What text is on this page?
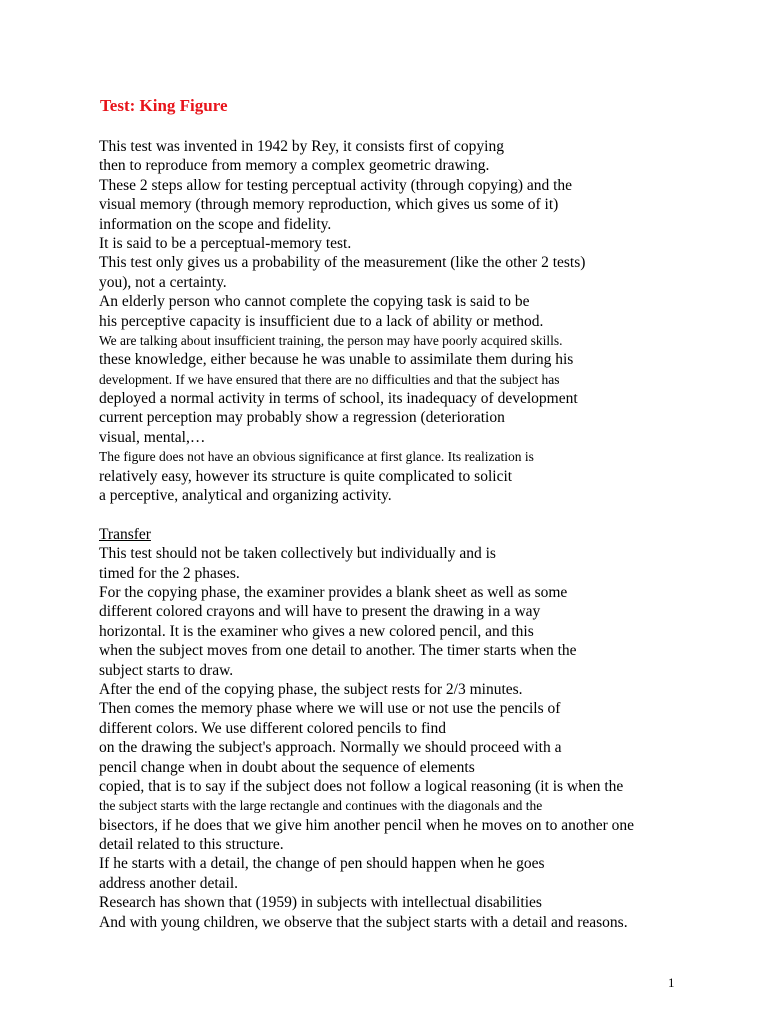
Test: King Figure
This test was invented in 1942 by Rey, it consists first of copying
then to reproduce from memory a complex geometric drawing.
These 2 steps allow for testing perceptual activity (through copying) and the
visual memory (through memory reproduction, which gives us some of it)
information on the scope and fidelity.
It is said to be a perceptual-memory test.
This test only gives us a probability of the measurement (like the other 2 tests)
you), not a certainty.
An elderly person who cannot complete the copying task is said to be
his perceptive capacity is insufficient due to a lack of ability or method.
We are talking about insufficient training, the person may have poorly acquired skills.
these knowledge, either because he was unable to assimilate them during his
development. If we have ensured that there are no difficulties and that the subject has
deployed a normal activity in terms of school, its inadequacy of development
current perception may probably show a regression (deterioration
visual, mental,…
The figure does not have an obvious significance at first glance. Its realization is
relatively easy, however its structure is quite complicated to solicit
a perceptive, analytical and organizing activity.
Transfer
This test should not be taken collectively but individually and is
timed for the 2 phases.
For the copying phase, the examiner provides a blank sheet as well as some
different colored crayons and will have to present the drawing in a way
horizontal. It is the examiner who gives a new colored pencil, and this
when the subject moves from one detail to another. The timer starts when the
subject starts to draw.
After the end of the copying phase, the subject rests for 2/3 minutes.
Then comes the memory phase where we will use or not use the pencils of
different colors. We use different colored pencils to find
on the drawing the subject's approach. Normally we should proceed with a
pencil change when in doubt about the sequence of elements
copied, that is to say if the subject does not follow a logical reasoning (it is when the
the subject starts with the large rectangle and continues with the diagonals and the
bisectors, if he does that we give him another pencil when he moves on to another one
detail related to this structure.
If he starts with a detail, the change of pen should happen when he goes
address another detail.
Research has shown that (1959) in subjects with intellectual disabilities
And with young children, we observe that the subject starts with a detail and reasons.
1
